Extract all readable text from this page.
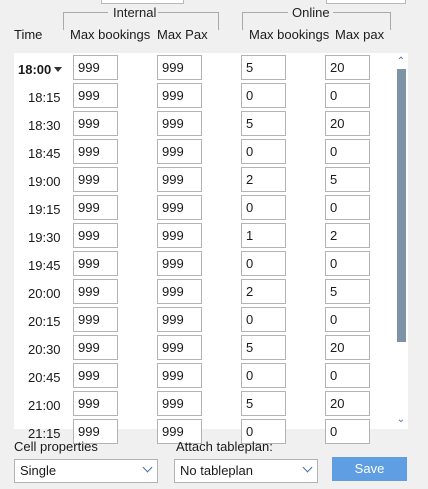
Internal	Online
Time Max bookings Max Pax	Max bookings Max pax
18:00	999	999	5	20
18:15	999	999	0	0
18:30	999	999	5	20
18:45	999	999	0	0
19:00	999	999	2	5
19:15	999	999	0	0
19:30	999	999	1	2
19:45	999	999	0	0
20:00	999	999	2	5
20:15	999	999	0	0
20:30	999	999	5	20
20:45	999	999	0	0
21:00	999	999	5	20
21:15	999	999	0	0
⌃
⌄
Cell properties
Single
Attach tableplan:
No tableplan	Save
